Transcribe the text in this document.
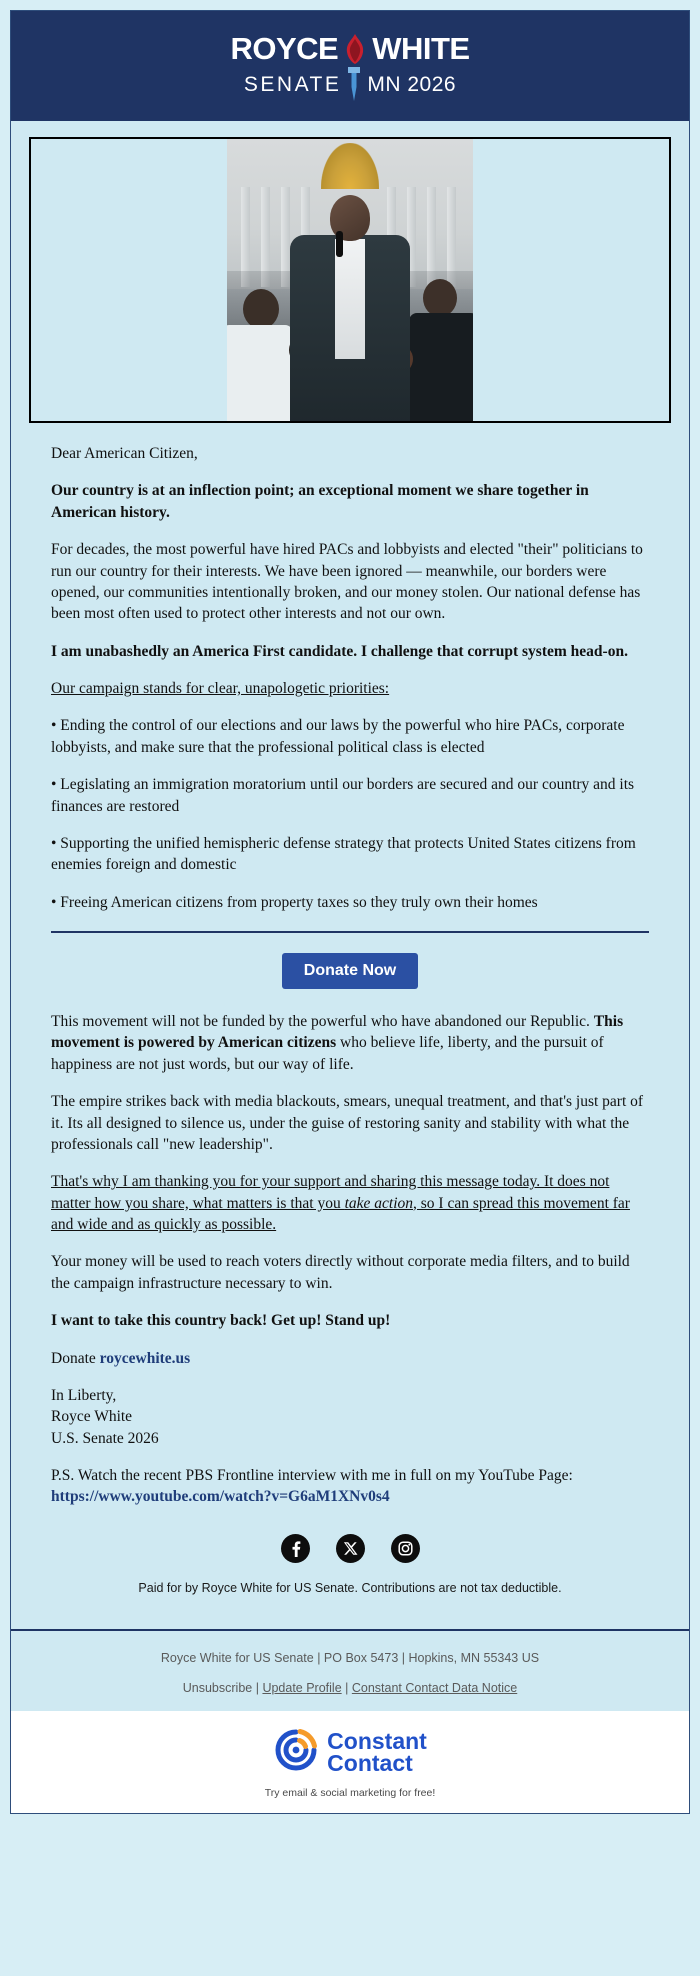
ROYCE WHITE
SENATE MN 2026

Dear American Citizen,

Our country is at an inflection point; an exceptional moment we share together in American history.

For decades, the most powerful have hired PACs and lobbyists and elected "their" politicians to run our country for their interests. We have been ignored — meanwhile, our borders were opened, our communities intentionally broken, and our money stolen. Our national defense has been most often used to protect other interests and not our own.

I am unabashedly an America First candidate. I challenge that corrupt system head-on.

Our campaign stands for clear, unapologetic priorities:

• Ending the control of our elections and our laws by the powerful who hire PACs, corporate lobbyists, and make sure that the professional political class is elected

• Legislating an immigration moratorium until our borders are secured and our country and its finances are restored

• Supporting the unified hemispheric defense strategy that protects United States citizens from enemies foreign and domestic

• Freeing American citizens from property taxes so they truly own their homes

Donate Now

This movement will not be funded by the powerful who have abandoned our Republic. This movement is powered by American citizens who believe life, liberty, and the pursuit of happiness are not just words, but our way of life.

The empire strikes back with media blackouts, smears, unequal treatment, and that's just part of it. Its all designed to silence us, under the guise of restoring sanity and stability with what the professionals call "new leadership".

That's why I am thanking you for your support and sharing this message today. It does not matter how you share, what matters is that you take action, so I can spread this movement far and wide and as quickly as possible.

Your money will be used to reach voters directly without corporate media filters, and to build the campaign infrastructure necessary to win.

I want to take this country back! Get up! Stand up!

Donate roycewhite.us

In Liberty,
Royce White
U.S. Senate 2026

P.S. Watch the recent PBS Frontline interview with me in full on my YouTube Page:
https://www.youtube.com/watch?v=G6aM1XNv0s4

Paid for by Royce White for US Senate. Contributions are not tax deductible.
Royce White for US Senate | PO Box 5473 | Hopkins, MN 55343 US
Unsubscribe | Update Profile | Constant Contact Data Notice
Constant
Contact
Try email & social marketing for free!
